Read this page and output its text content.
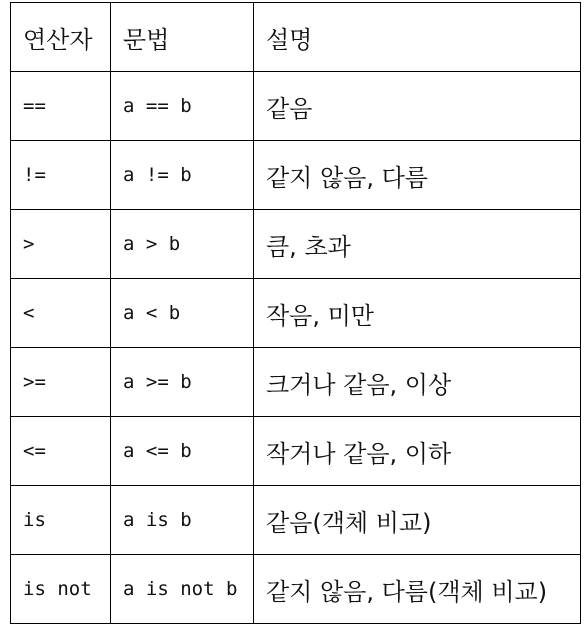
연산자	문법	설명
==	a == b	같음
!=	a != b	같지 않음, 다름
>	a > b	큼, 초과
<	a < b	작음, 미만
>=	a >= b	크거나 같음, 이상
<=	a <= b	작거나 같음, 이하
is	a is b	같음(객체 비교)
is not	a is not b	같지 않음, 다름(객체 비교)
